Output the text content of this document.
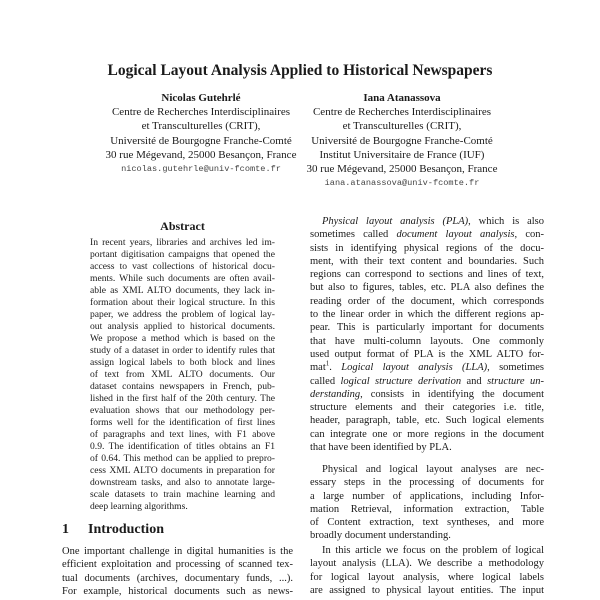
Logical Layout Analysis Applied to Historical Newspapers
Nicolas Gutehrlé
Centre de Recherches Interdisciplinaires
et Transculturelles (CRIT),
Université de Bourgogne Franche-Comté
30 rue Mégevand, 25000 Besançon, France
nicolas.gutehrle@univ-fcomte.fr
Iana Atanassova
Centre de Recherches Interdisciplinaires
et Transculturelles (CRIT),
Université de Bourgogne Franche-Comté
Institut Universitaire de France (IUF)
30 rue Mégevand, 25000 Besançon, France
iana.atanassova@univ-fcomte.fr
Abstract
In recent years, libraries and archives led im-
portant digitisation campaigns that opened the
access to vast collections of historical docu-
ments. While such documents are often avail-
able as XML ALTO documents, they lack in-
formation about their logical structure. In this
paper, we address the problem of logical lay-
out analysis applied to historical documents.
We propose a method which is based on the
study of a dataset in order to identify rules that
assign logical labels to both block and lines
of text from XML ALTO documents. Our
dataset contains newspapers in French, pub-
lished in the first half of the 20th century. The
evaluation shows that our methodology per-
forms well for the identification of first lines
of paragraphs and text lines, with F1 above
0.9. The identification of titles obtains an F1
of 0.64. This method can be applied to prepro-
cess XML ALTO documents in preparation for
downstream tasks, and also to annotate large-
scale datasets to train machine learning and
deep learning algorithms.
1 Introduction
One important challenge in digital humanities is the
efficient exploitation and processing of scanned tex-
tual documents (archives, documentary funds, ...).
For example, historical documents such as news-
Physical layout analysis (PLA), which is also
sometimes called document layout analysis, con-
sists in identifying physical regions of the docu-
ment, with their text content and boundaries. Such
regions can correspond to sections and lines of text,
but also to figures, tables, etc. PLA also defines the
reading order of the document, which corresponds
to the linear order in which the different regions ap-
pear. This is particularly important for documents
that have multi-column layouts. One commonly
used output format of PLA is the XML ALTO for-
mat$^1$. Logical layout analysis (LLA), sometimes
called logical structure derivation and structure un-
derstanding, consists in identifying the document
structure elements and their categories i.e. title,
header, paragraph, table, etc. Such logical elements
can integrate one or more regions in the document
that have been identified by PLA.
Physical and logical layout analyses are nec-
essary steps in the processing of documents for
a large number of applications, including Infor-
mation Retrieval, information extraction, Table
of Content extraction, text syntheses, and more
broadly document understanding.
In this article we focus on the problem of logical
layout analysis (LLA). We describe a methodology
for logical layout analysis, where logical labels
are assigned to physical layout entities. The input
